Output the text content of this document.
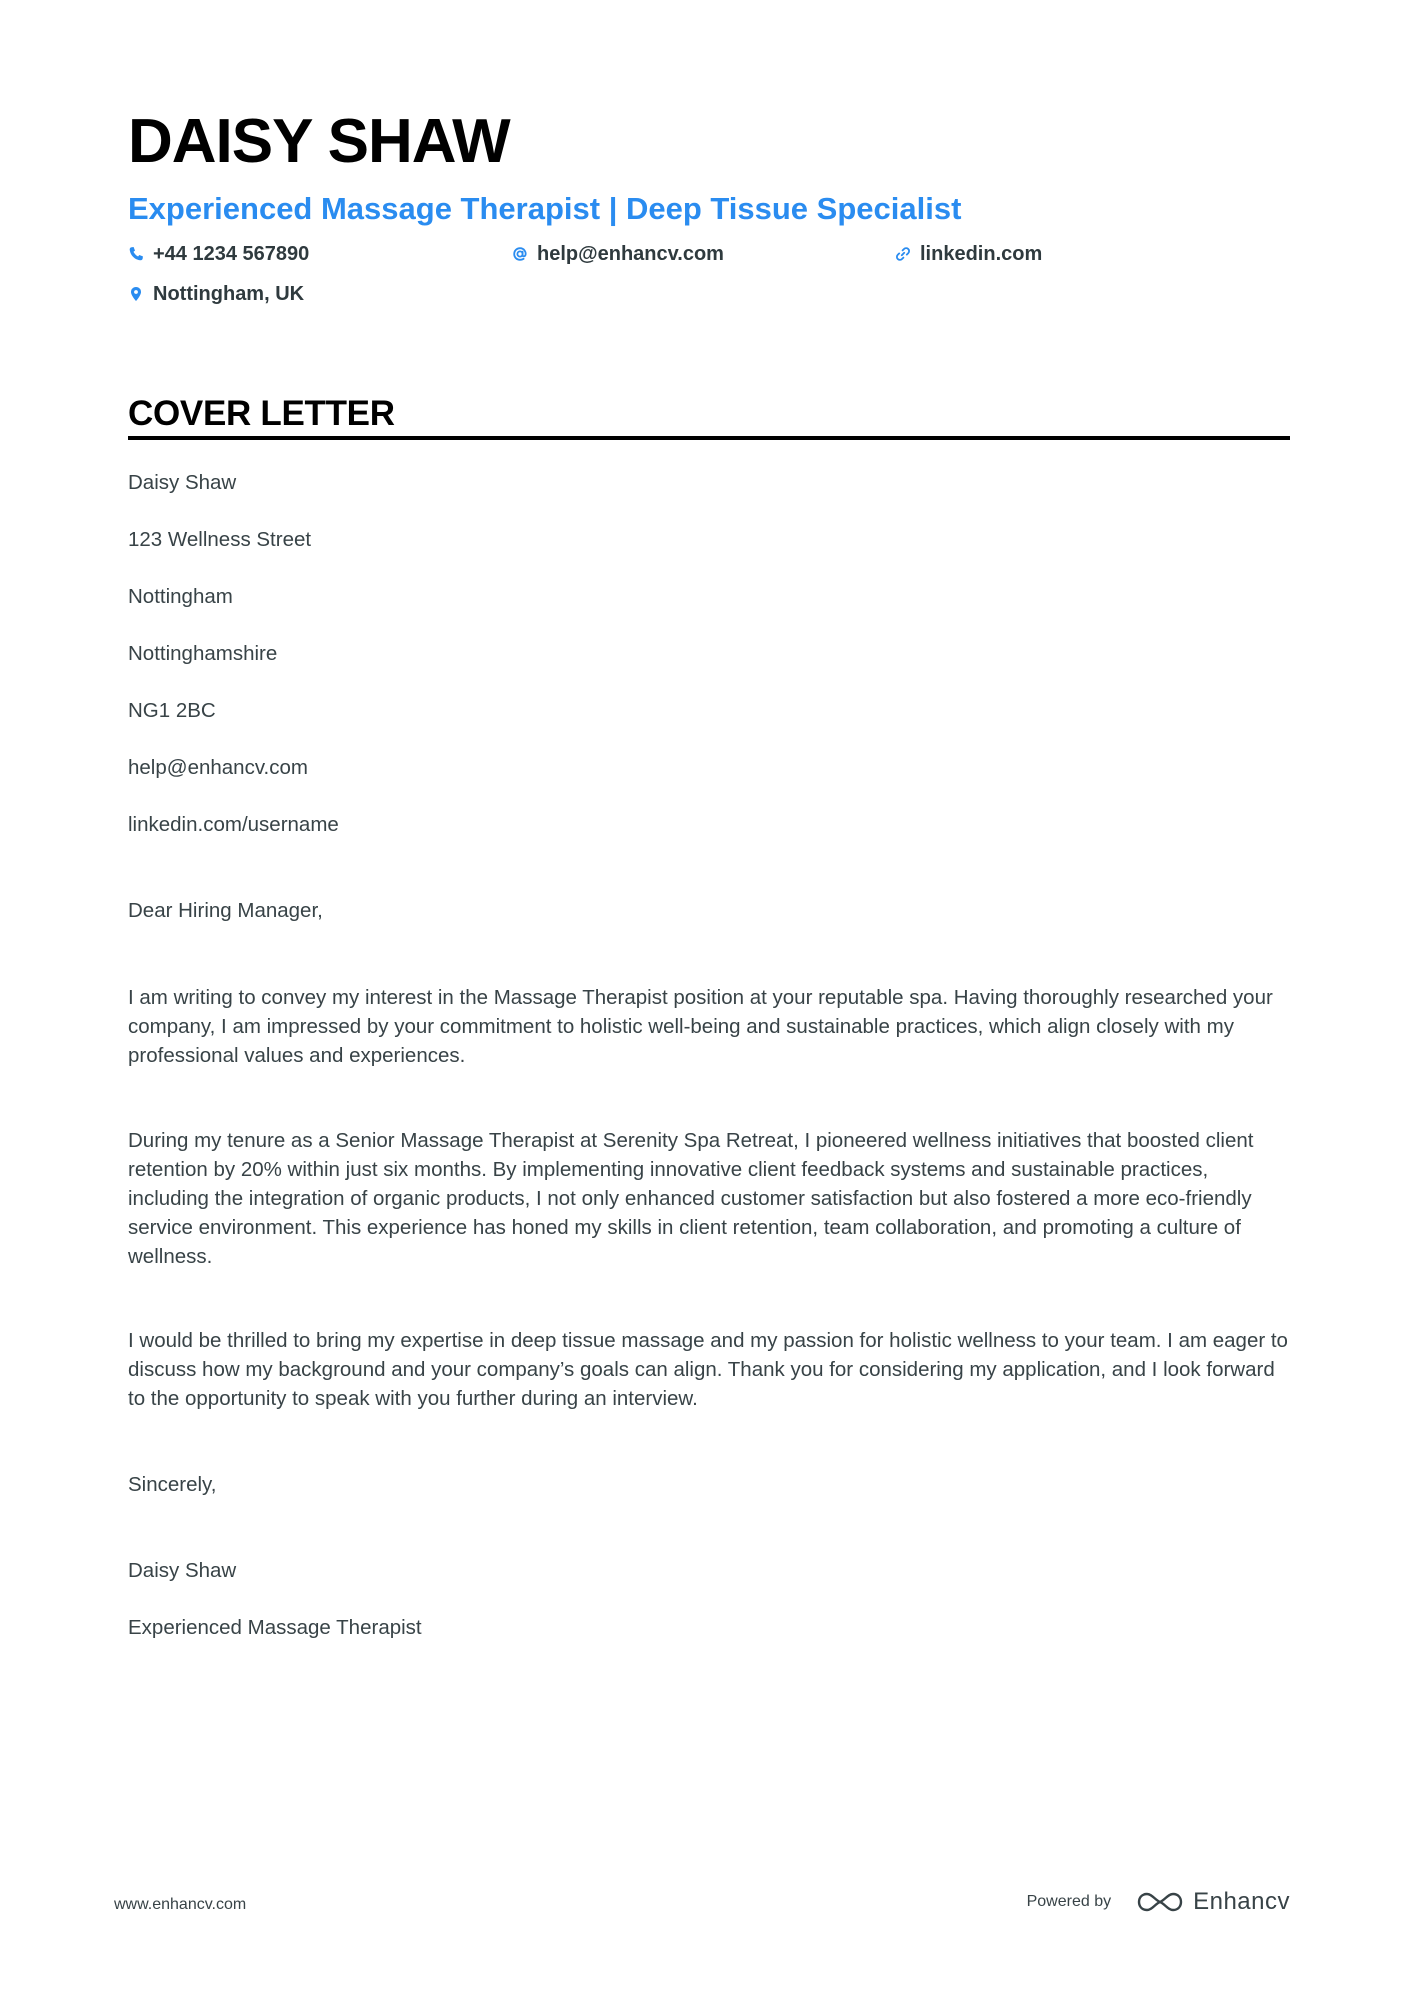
DAISY SHAW
Experienced Massage Therapist | Deep Tissue Specialist
+44 1234 567890	help@enhancv.com	linkedin.com
Nottingham, UK
COVER LETTER
Daisy Shaw
123 Wellness Street
Nottingham
Nottinghamshire
NG1 2BC
help@enhancv.com
linkedin.com/username
Dear Hiring Manager,
I am writing to convey my interest in the Massage Therapist position at your reputable spa. Having thoroughly researched your company, I am impressed by your commitment to holistic well-being and sustainable practices, which align closely with my professional values and experiences.
During my tenure as a Senior Massage Therapist at Serenity Spa Retreat, I pioneered wellness initiatives that boosted client retention by 20% within just six months. By implementing innovative client feedback systems and sustainable practices, including the integration of organic products, I not only enhanced customer satisfaction but also fostered a more eco-friendly service environment. This experience has honed my skills in client retention, team collaboration, and promoting a culture of wellness.
I would be thrilled to bring my expertise in deep tissue massage and my passion for holistic wellness to your team. I am eager to discuss how my background and your company’s goals can align. Thank you for considering my application, and I look forward to the opportunity to speak with you further during an interview.
Sincerely,
Daisy Shaw
Experienced Massage Therapist
www.enhancv.com	Powered by	Enhancv
